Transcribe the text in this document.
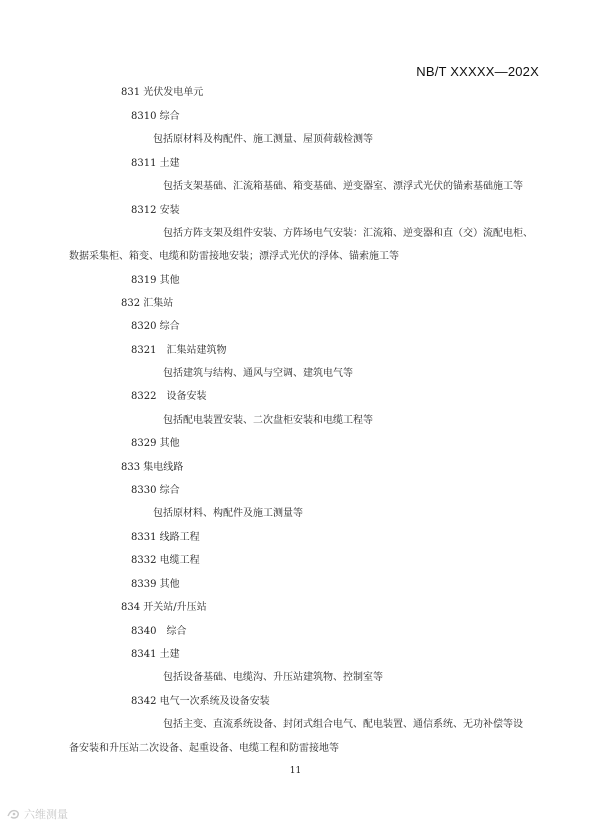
NB/T XXXXX—202X
831 光伏发电单元
8310 综合
包括原材料及构配件、施工测量、屋顶荷载检测等
8311 土建
包括支架基础、汇流箱基础、箱变基础、逆变器室、漂浮式光伏的锚索基础施工等
8312 安装
包括方阵支架及组件安装、方阵场电气安装：汇流箱、逆变器和直（交）流配电柜、
数据采集柜、箱变、电缆和防雷接地安装；漂浮式光伏的浮体、锚索施工等
8319 其他
832 汇集站
8320 综合
8321　汇集站建筑物
包括建筑与结构、通风与空调、建筑电气等
8322　设备安装
包括配电装置安装、二次盘柜安装和电缆工程等
8329 其他
833 集电线路
8330 综合
包括原材料、构配件及施工测量等
8331 线路工程
8332 电缆工程
8339 其他
834 开关站/升压站
8340　综合
8341 土建
包括设备基础、电缆沟、升压站建筑物、控制室等
8342 电气一次系统及设备安装
包括主变、直流系统设备、封闭式组合电气、配电装置、通信系统、无功补偿等设
备安装和升压站二次设备、起重设备、电缆工程和防雷接地等
11
六维测量
